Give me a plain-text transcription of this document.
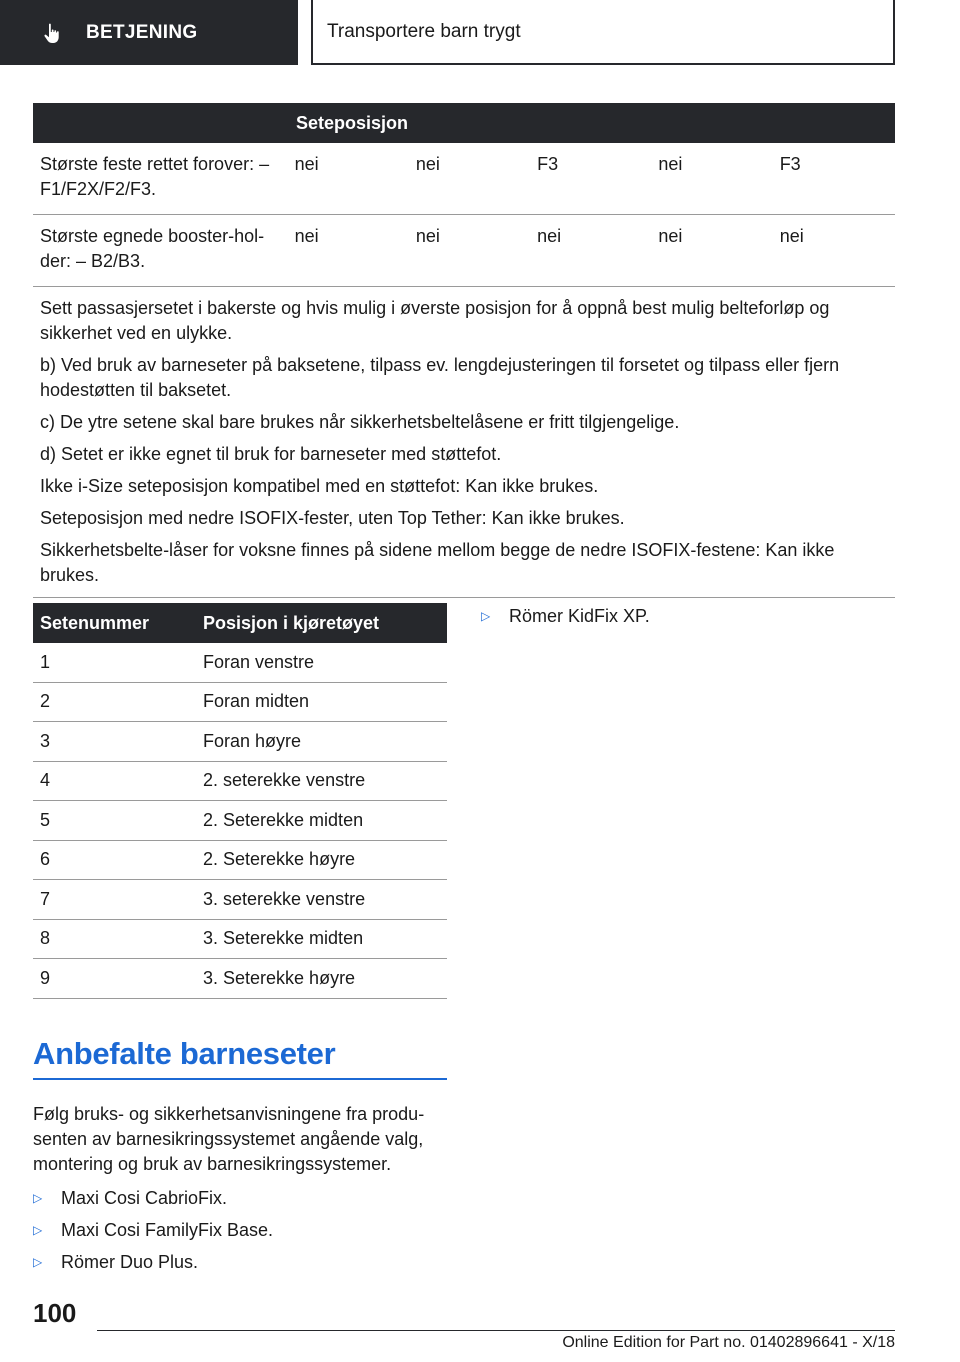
BETJENING	Transportere barn trygt
Seteposisjon
Største feste rettet forover: – F1/F2X/F2/F3.
nei	nei	F3	nei	F3
Største egnede booster-hol-der: – B2/B3.
nei	nei	nei	nei	nei

Sett passasjersetet i bakerste og hvis mulig i øverste posisjon for å oppnå best mulig belteforløp og sikkerhet ved en ulykke.

b) Ved bruk av barneseter på baksetene, tilpass ev. lengdejusteringen til forsetet og tilpass eller fjern hodestøtten til baksetet.

c) De ytre setene skal bare brukes når sikkerhetsbeltelåsene er fritt tilgjengelige.

d) Setet er ikke egnet til bruk for barneseter med støttefot.

Ikke i-Size seteposisjon kompatibel med en støttefot: Kan ikke brukes.

Seteposisjon med nedre ISOFIX-fester, uten Top Tether: Kan ikke brukes.

Sikkerhetsbelte-låser for voksne finnes på sidene mellom begge de nedre ISOFIX-festene: Kan ikke brukes.

Setenummer	Posisjon i kjøretøyet
1	Foran venstre
2	Foran midten
3	Foran høyre
4	2. seterekke venstre
5	2. Seterekke midten
6	2. Seterekke høyre
7	3. seterekke venstre
8	3. Seterekke midten
9	3. Seterekke høyre
▷	Römer KidFix XP.
Anbefalte barneseter

Følg bruks- og sikkerhetsanvisningene fra produ-senten av barnesikringssystemet angående valg, montering og bruk av barnesikringssystemer.

▷	Maxi Cosi CabrioFix.
▷	Maxi Cosi FamilyFix Base.
▷	Römer Duo Plus.
100
Online Edition for Part no. 01402896641 - X/18
